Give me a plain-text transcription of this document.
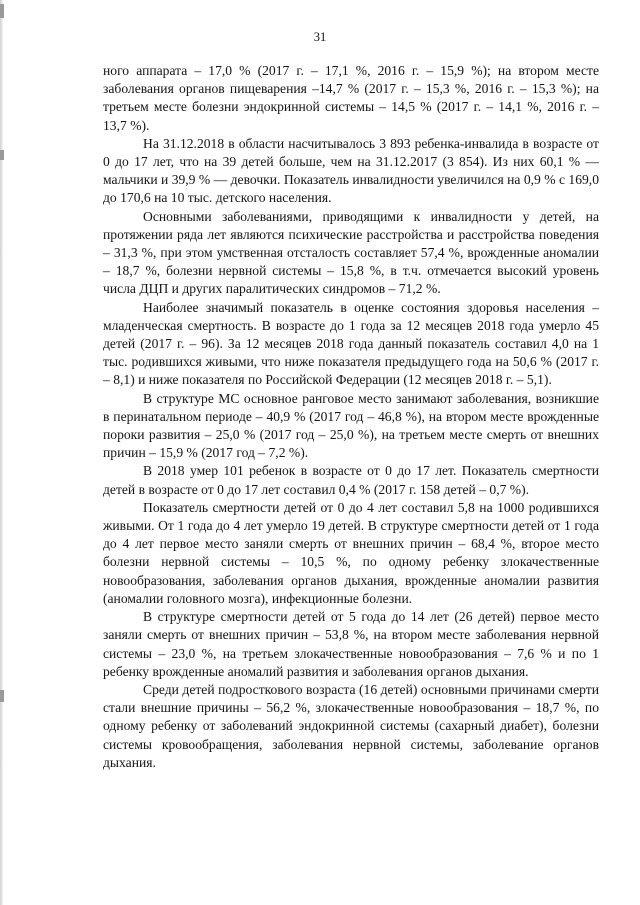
31

ного аппарата – 17,0 % (2017 г. – 17,1 %, 2016 г. – 15,9 %); на втором месте заболевания органов пищеварения –14,7 % (2017 г. – 15,3 %, 2016 г. – 15,3 %); на третьем месте болезни эндокринной системы – 14,5 % (2017 г. – 14,1 %, 2016 г. – 13,7 %).

На 31.12.2018 в области насчитывалось 3 893 ребенка-инвалида в возрасте от 0 до 17 лет, что на 39 детей больше, чем на 31.12.2017 (3 854). Из них 60,1 % — мальчики и 39,9 % — девочки. Показатель инвалидности увеличился на 0,9 % с 169,0 до 170,6 на 10 тыс. детского населения.

Основными заболеваниями, приводящими к инвалидности у детей, на протяжении ряда лет являются психические расстройства и расстройства поведения – 31,3 %, при этом умственная отсталость составляет 57,4 %, врожденные аномалии – 18,7 %, болезни нервной системы – 15,8 %, в т.ч. отмечается высокий уровень числа ДЦП и других паралитических синдромов – 71,2 %.

Наиболее значимый показатель в оценке состояния здоровья населения – младенческая смертность. В возрасте до 1 года за 12 месяцев 2018 года умерло 45 детей (2017 г. – 96). За 12 месяцев 2018 года данный показатель составил 4,0 на 1 тыс. родившихся живыми, что ниже показателя предыдущего года на 50,6 % (2017 г. – 8,1) и ниже показателя по Российской Федерации (12 месяцев 2018 г. – 5,1).

В структуре МС основное ранговое место занимают заболевания, возникшие в перинатальном периоде – 40,9 % (2017 год – 46,8 %), на втором месте врожденные пороки развития – 25,0 % (2017 год – 25,0 %), на третьем месте смерть от внешних причин – 15,9 % (2017 год – 7,2 %).

В 2018 умер 101 ребенок в возрасте от 0 до 17 лет. Показатель смертности детей в возрасте от 0 до 17 лет составил 0,4 % (2017 г. 158 детей – 0,7 %).

Показатель смертности детей от 0 до 4 лет составил 5,8 на 1000 родившихся живыми. От 1 года до 4 лет умерло 19 детей. В структуре смертности детей от 1 года до 4 лет первое место заняли смерть от внешних причин – 68,4 %, второе место болезни нервной системы – 10,5 %, по одному ребенку злокачественные новообразования, заболевания органов дыхания, врожденные аномалии развития (аномалии головного мозга), инфекционные болезни.

В структуре смертности детей от 5 года до 14 лет (26 детей) первое место заняли смерть от внешних причин – 53,8 %, на втором месте заболевания нервной системы – 23,0 %, на третьем злокачественные новообразования – 7,6 % и по 1 ребенку врожденные аномалий развития и заболевания органов дыхания.

Среди детей подросткового возраста (16 детей) основными причинами смерти стали внешние причины – 56,2 %, злокачественные новообразования – 18,7 %, по одному ребенку от заболеваний эндокринной системы (сахарный диабет), болезни системы кровообращения, заболевания нервной системы, заболевание органов дыхания.
